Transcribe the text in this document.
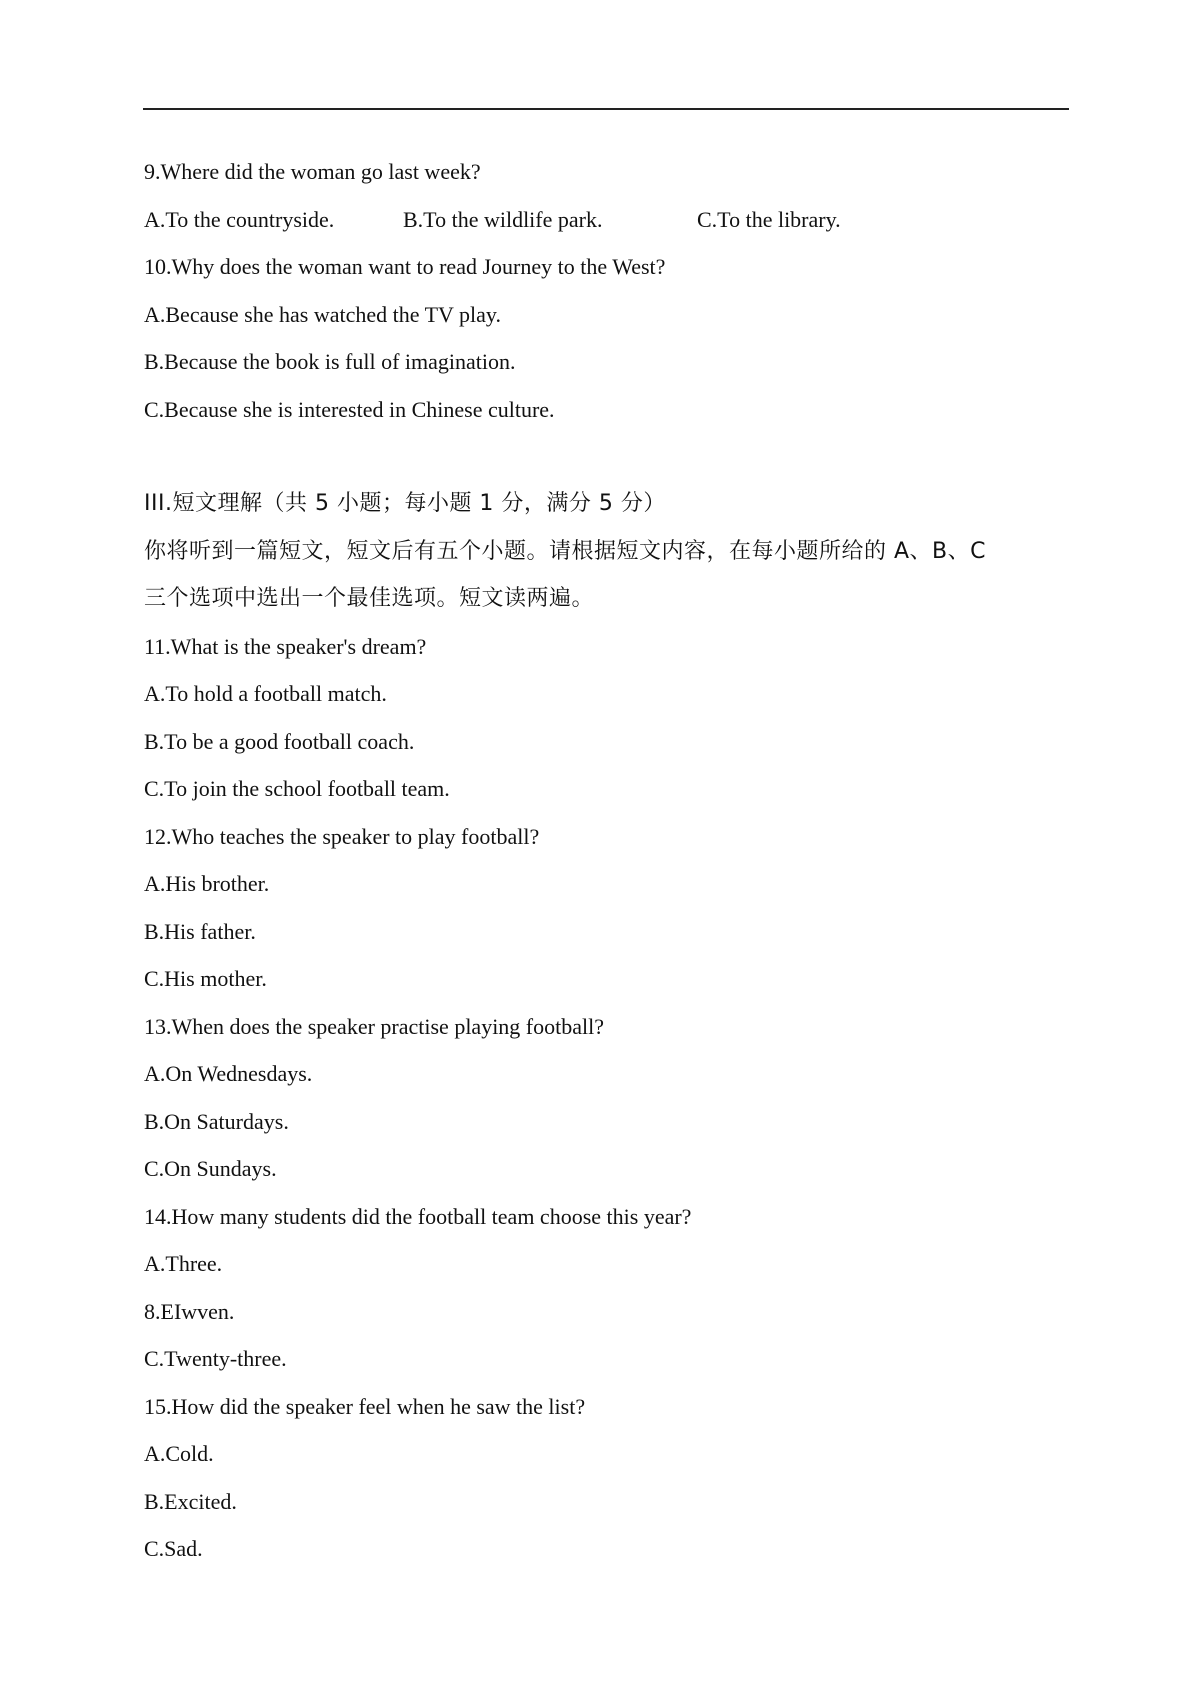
9.Where did the woman go last week?
A.To the countryside.	B.To the wildlife park.	C.To the library.
10.Why does the woman want to read Journey to the West?
A.Because she has watched the TV play.
B.Because the book is full of imagination.
C.Because she is interested in Chinese culture.
III.短文理解（共 5 小题；每小题 1 分，满分 5 分）
你将听到一篇短文，短文后有五个小题。请根据短文内容，在每小题所给的 A、B、C
三个选项中选出一个最佳选项。短文读两遍。
11.What is the speaker's dream?
A.To hold a football match.
B.To be a good football coach.
C.To join the school football team.
12.Who teaches the speaker to play football?
A.His brother.
B.His father.
C.His mother.
13.When does the speaker practise playing football?
A.On Wednesdays.
B.On Saturdays.
C.On Sundays.
14.How many students did the football team choose this year?
A.Three.
8.EIwven.
C.Twenty-three.
15.How did the speaker feel when he saw the list?
A.Cold.
B.Excited.
C.Sad.
